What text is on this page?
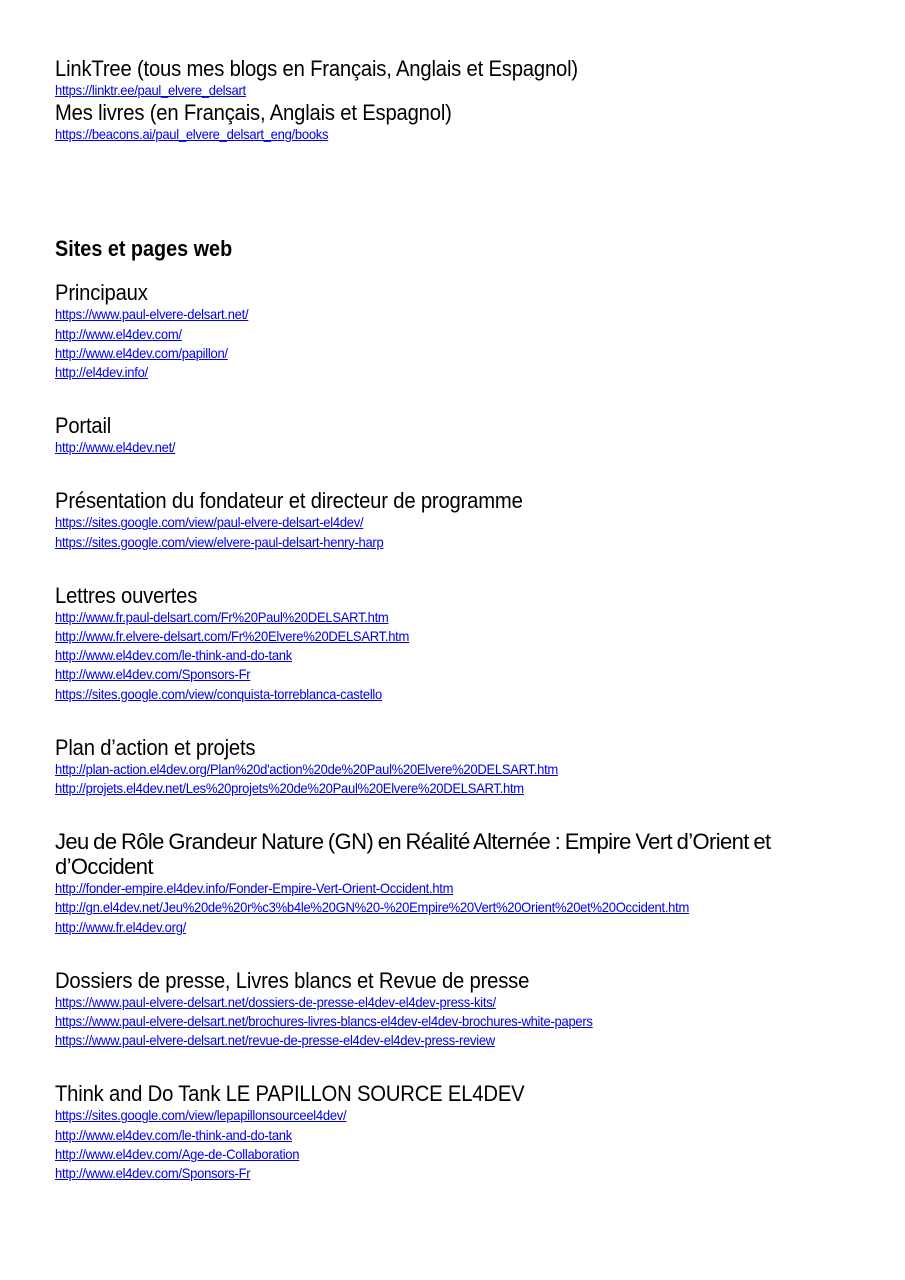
LinkTree (tous mes blogs en Français, Anglais et Espagnol)

https://linktr.ee/paul_elvere_delsart

Mes livres (en Français, Anglais et Espagnol)

https://beacons.ai/paul_elvere_delsart_eng/books

Sites et pages web

Principaux

https://www.paul-elvere-delsart.net/
http://www.el4dev.com/
http://www.el4dev.com/papillon/
http://el4dev.info/

Portail

http://www.el4dev.net/

Présentation du fondateur et directeur de programme

https://sites.google.com/view/paul-elvere-delsart-el4dev/
https://sites.google.com/view/elvere-paul-delsart-henry-harp

Lettres ouvertes

http://www.fr.paul-delsart.com/Fr%20Paul%20DELSART.htm
http://www.fr.elvere-delsart.com/Fr%20Elvere%20DELSART.htm
http://www.el4dev.com/le-think-and-do-tank
http://www.el4dev.com/Sponsors-Fr
https://sites.google.com/view/conquista-torreblanca-castello

Plan d’action et projets

http://plan-action.el4dev.org/Plan%20d'action%20de%20Paul%20Elvere%20DELSART.htm
http://projets.el4dev.net/Les%20projets%20de%20Paul%20Elvere%20DELSART.htm

Jeu de Rôle Grandeur Nature (GN) en Réalité Alternée : Empire Vert d’Orient et d’Occident

http://fonder-empire.el4dev.info/Fonder-Empire-Vert-Orient-Occident.htm
http://gn.el4dev.net/Jeu%20de%20r%c3%b4le%20GN%20-%20Empire%20Vert%20Orient%20et%20Occident.htm
http://www.fr.el4dev.org/

Dossiers de presse, Livres blancs et Revue de presse

https://www.paul-elvere-delsart.net/dossiers-de-presse-el4dev-el4dev-press-kits/
https://www.paul-elvere-delsart.net/brochures-livres-blancs-el4dev-el4dev-brochures-white-papers
https://www.paul-elvere-delsart.net/revue-de-presse-el4dev-el4dev-press-review

Think and Do Tank LE PAPILLON SOURCE EL4DEV

https://sites.google.com/view/lepapillonsourceel4dev/
http://www.el4dev.com/le-think-and-do-tank
http://www.el4dev.com/Age-de-Collaboration
http://www.el4dev.com/Sponsors-Fr
